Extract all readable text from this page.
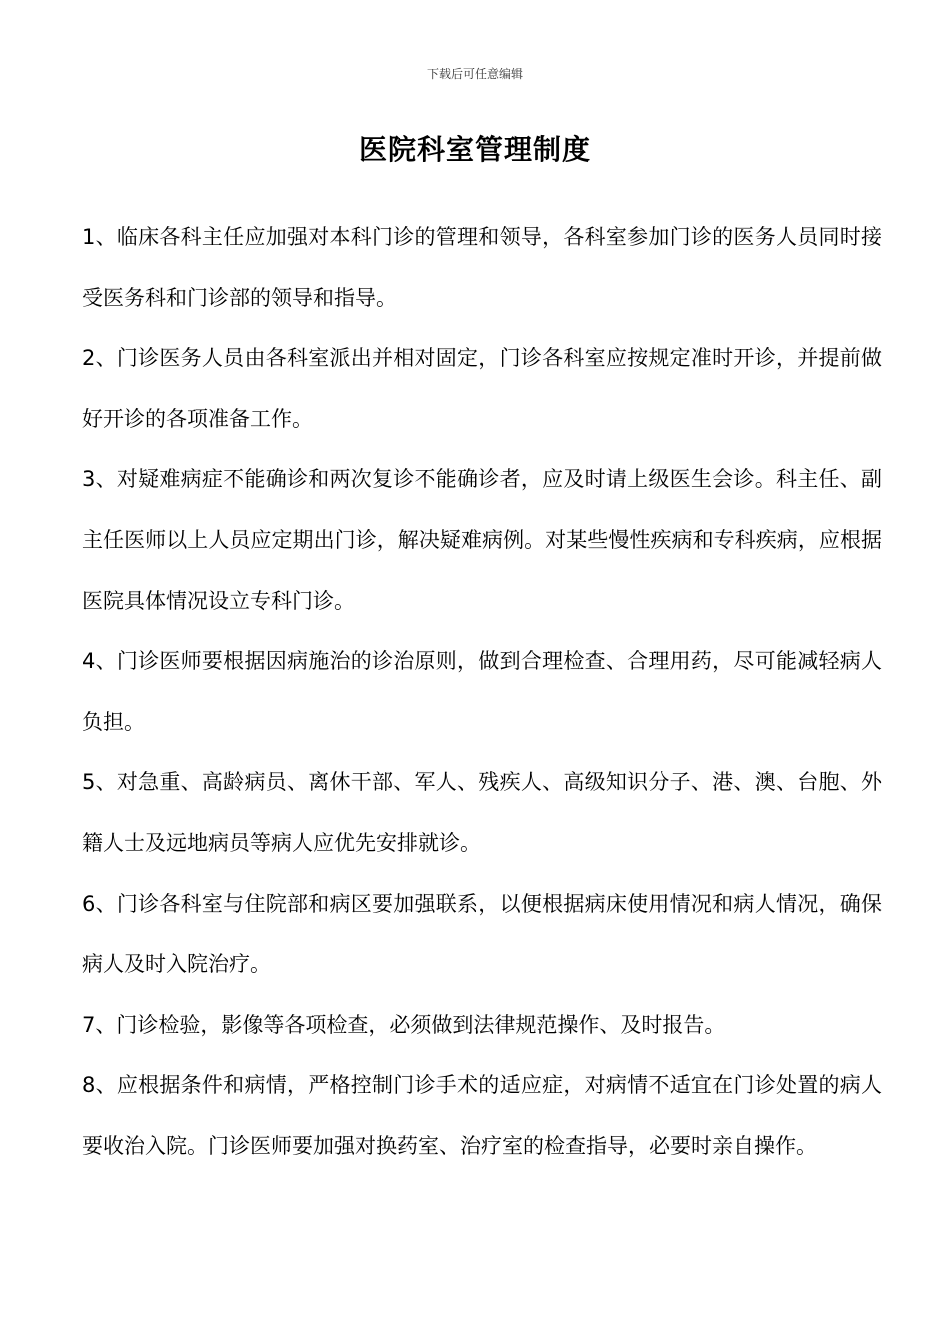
下载后可任意编辑
医院科室管理制度

1、临床各科主任应加强对本科门诊的管理和领导，各科室参加门诊的医务人员同时接受医务科和门诊部的领导和指导。

2、门诊医务人员由各科室派出并相对固定，门诊各科室应按规定准时开诊，并提前做好开诊的各项准备工作。

3、对疑难病症不能确诊和两次复诊不能确诊者，应及时请上级医生会诊。科主任、副主任医师以上人员应定期出门诊，解决疑难病例。对某些慢性疾病和专科疾病，应根据医院具体情况设立专科门诊。

4、门诊医师要根据因病施治的诊治原则，做到合理检查、合理用药，尽可能减轻病人负担。

5、对急重、高龄病员、离休干部、军人、残疾人、高级知识分子、港、澳、台胞、外籍人士及远地病员等病人应优先安排就诊。

6、门诊各科室与住院部和病区要加强联系，以便根据病床使用情况和病人情况，确保病人及时入院治疗。

7、门诊检验，影像等各项检查，必须做到法律规范操作、及时报告。

8、应根据条件和病情，严格控制门诊手术的适应症，对病情不适宜在门诊处置的病人要收治入院。门诊医师要加强对换药室、治疗室的检查指导，必要时亲自操作。
